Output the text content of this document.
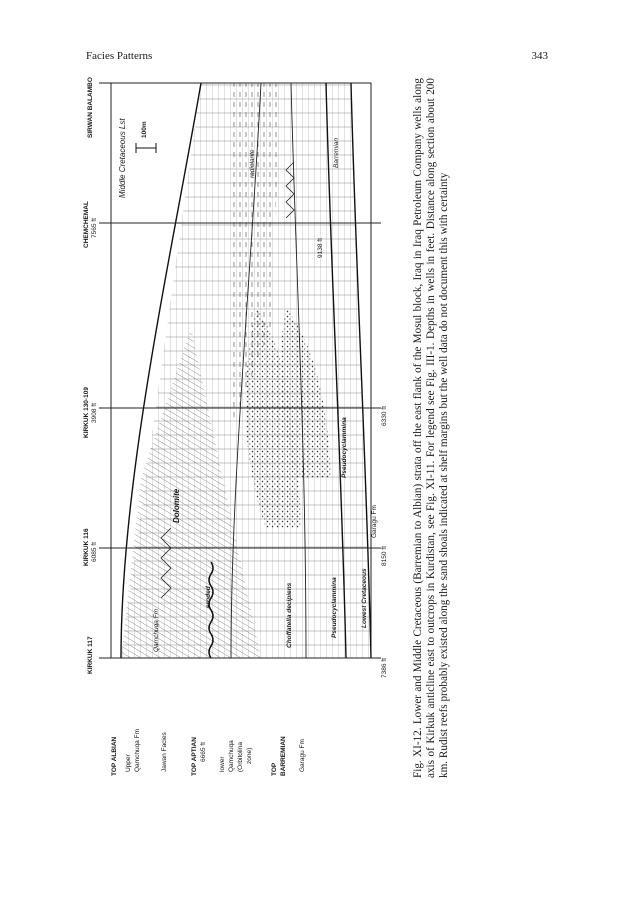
Facies Patterns	343
KIRKUK 117
KIRKUK 116 6085 ft
KIRKUK 130-109 3908 ft
CHEMCHEMAL 7565 ft
SIRWAN BALAMBO
TOP ALBIAN Upper Qamchuqa Fm	Jawan Facies	TOP APTIAN 6665 ft
lower Qamchuqa (Orbitolina zone)
TOP BARREMIAN Garagu Fm
7386 ft
8150 ft
6330 ft
9138 ft
Qamchuqa Fm
eroded	Choffatella decipiens	Pseudocyclammina	Lowest Cretaceous
Dolomite
Pseudocyclammina
Garagu Fm
Middle Cretaceous Lst	radiolarite	Barremian
100m	Fig. XI-12. Lower and Middle Cretaceous (Barremian to Albian) strata off the east flank of the Mosul block, Iraq in Iraq Petroleum Company wells along axis of Kirkuk anticline east to outcrops in Kurdistan, see Fig. XI-11. For legend see Fig. III-1. Depths in wells in feet. Distance along section about 200 km. Rudist reefs probably existed along the sand shoals indicated at shelf margins but the well data do not document this with certainty
